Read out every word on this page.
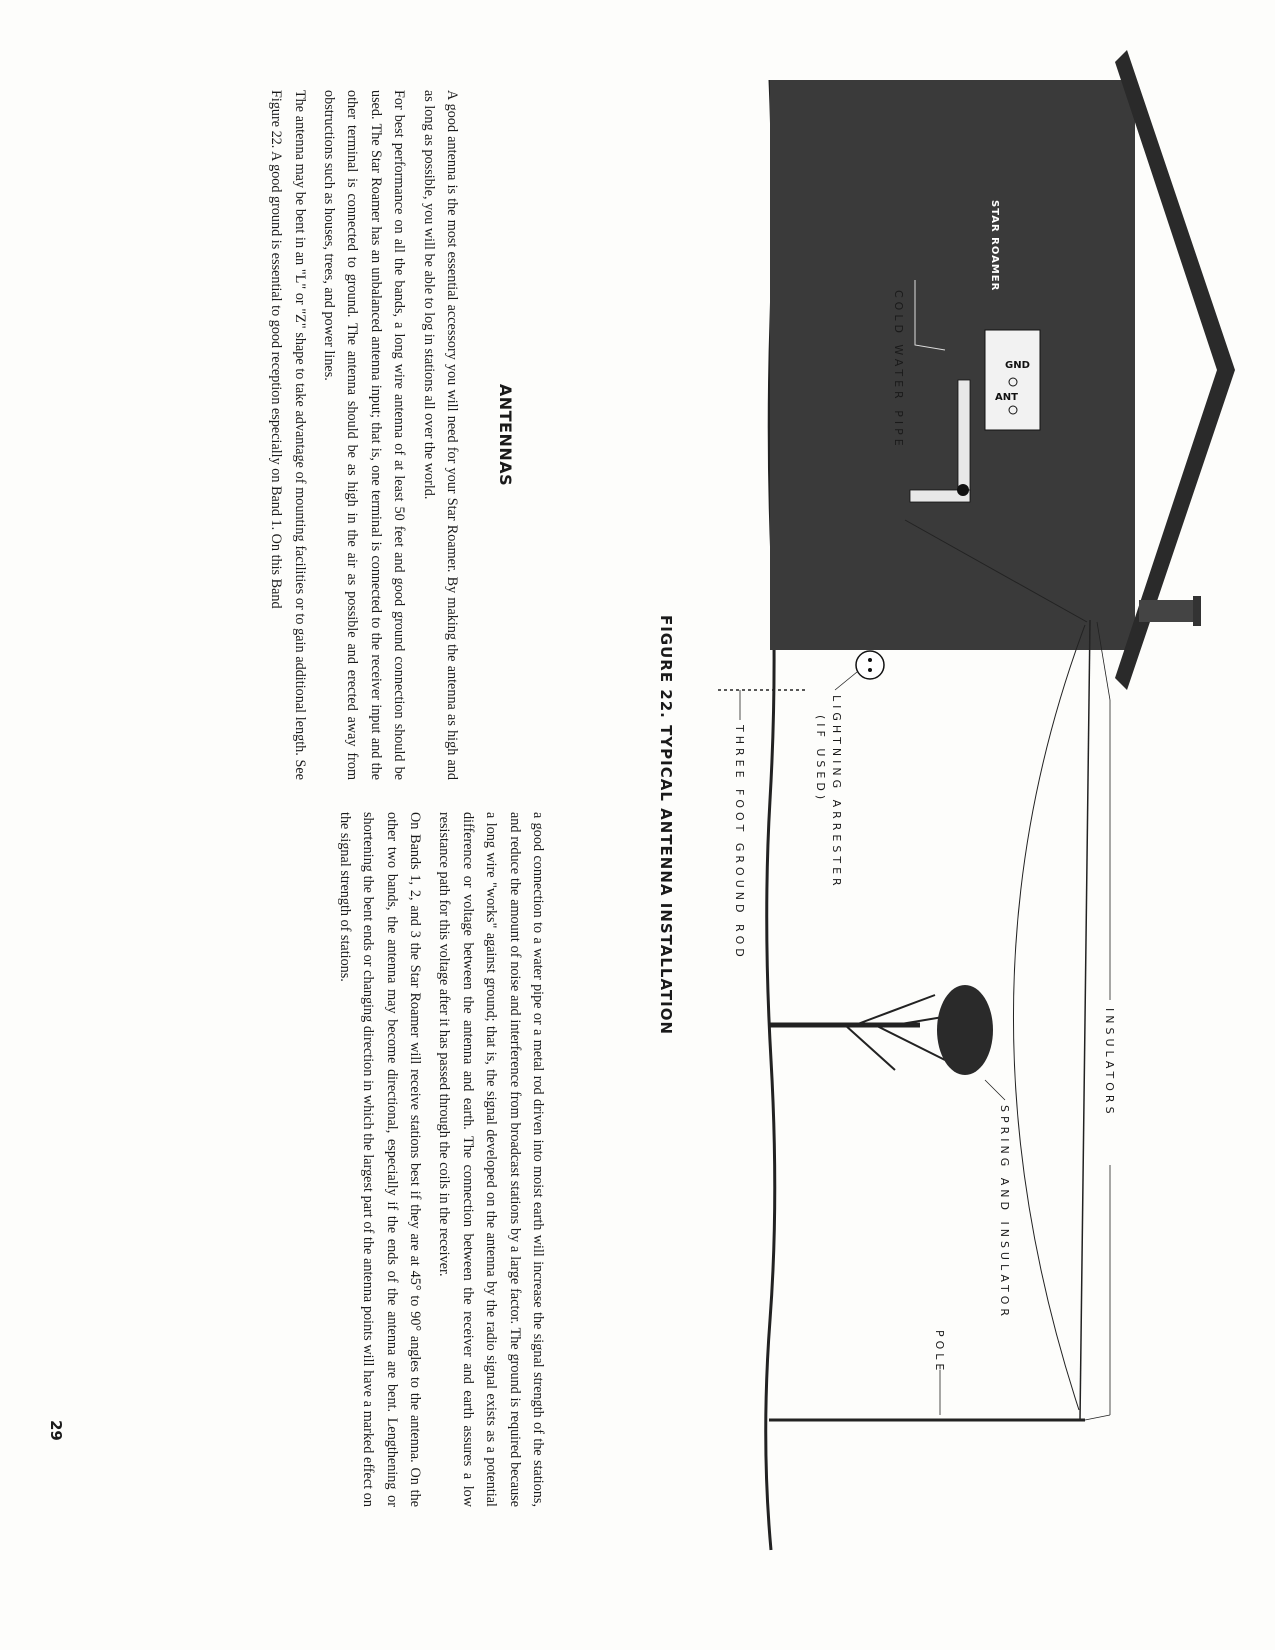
INSULATORS
GND
ANT
STAR ROAMER
COLD WATER PIPE
LIGHTNING ARRESTER
(IF USED)
THREE FOOT GROUND ROD
SPRING AND INSULATOR
POLE
FIGURE 22. TYPICAL ANTENNA INSTALLATION
ANTENNAS

A good antenna is the most essential accessory you will need for your Star Roamer. By making the antenna as high and as long as possible, you will be able to log in stations all over the world.

For best performance on all the bands, a long wire antenna of at least 50 feet and good ground connection should be used. The Star Roamer has an unbalanced antenna input; that is, one terminal is connected to the receiver input and the other terminal is connected to ground. The antenna should be as high in the air as possible and erected away from obstructions such as houses, trees, and power lines.

The antenna may be bent in an "L" or "Z" shape to take advantage of mounting facilities or to gain additional length. See Figure 22. A good ground is essential to good reception especially on Band 1. On this Band

a good connection to a water pipe or a metal rod driven into moist earth will increase the signal strength of the stations, and reduce the amount of noise and interference from broadcast stations by a large factor. The ground is required because a long wire "works" against ground; that is, the signal developed on the antenna by the radio signal exists as a potential difference or voltage between the antenna and earth. The connection between the receiver and earth assures a low resistance path for this voltage after it has passed through the coils in the receiver.

On Bands 1, 2, and 3 the Star Roamer will receive stations best if they are at 45° to 90° angles to the antenna. On the other two bands, the antenna may become directional, especially if the ends of the antenna are bent. Lengthening or shortening the bent ends or changing direction in which the largest part of the antenna points will have a marked effect on the signal strength of stations.

29
